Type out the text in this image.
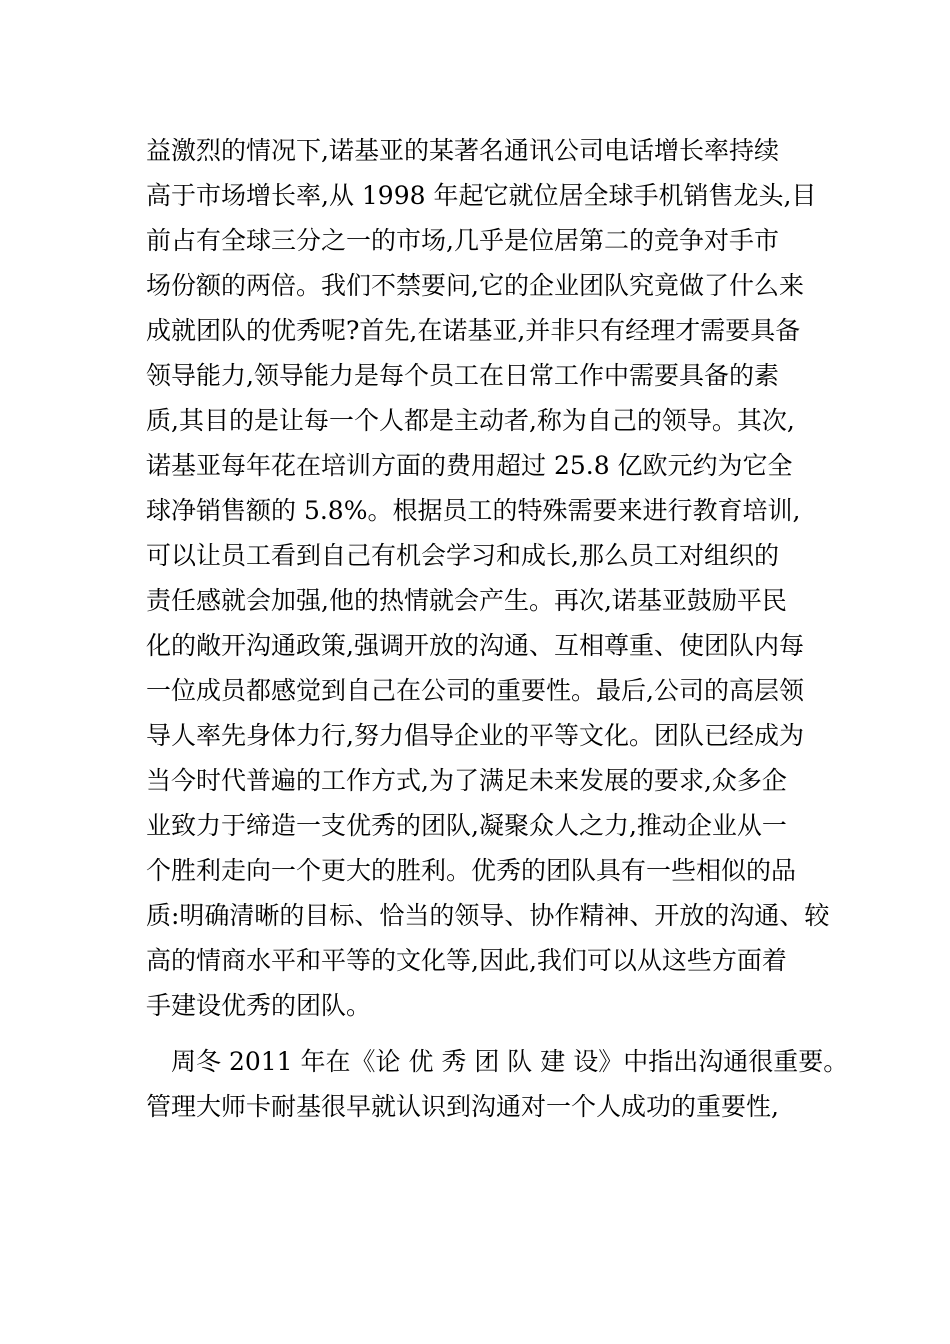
益激烈的情况下,诺基亚的某著名通讯公司电话增长率持续

高于市场增长率,从 1998 年起它就位居全球手机销售龙头,目

前占有全球三分之一的市场,几乎是位居第二的竞争对手市

场份额的两倍。我们不禁要问,它的企业团队究竟做了什么来

成就团队的优秀呢?首先,在诺基亚,并非只有经理才需要具备

领导能力,领导能力是每个员工在日常工作中需要具备的素

质,其目的是让每一个人都是主动者,称为自己的领导。其次,

诺基亚每年花在培训方面的费用超过 25.8 亿欧元约为它全

球净销售额的 5.8%。根据员工的特殊需要来进行教育培训,

可以让员工看到自己有机会学习和成长,那么员工对组织的

责任感就会加强,他的热情就会产生。再次,诺基亚鼓励平民

化的敞开沟通政策,强调开放的沟通、互相尊重、使团队内每

一位成员都感觉到自己在公司的重要性。最后,公司的高层领

导人率先身体力行,努力倡导企业的平等文化。团队已经成为

当今时代普遍的工作方式,为了满足未来发展的要求,众多企

业致力于缔造一支优秀的团队,凝聚众人之力,推动企业从一

个胜利走向一个更大的胜利。优秀的团队具有一些相似的品

质:明确清晰的目标、恰当的领导、协作精神、开放的沟通、较

高的情商水平和平等的文化等,因此,我们可以从这些方面着

手建设优秀的团队。

周冬 2011 年在《论 优 秀 团 队 建 设》中指出沟通很重要。

管理大师卡耐基很早就认识到沟通对一个人成功的重要性,
